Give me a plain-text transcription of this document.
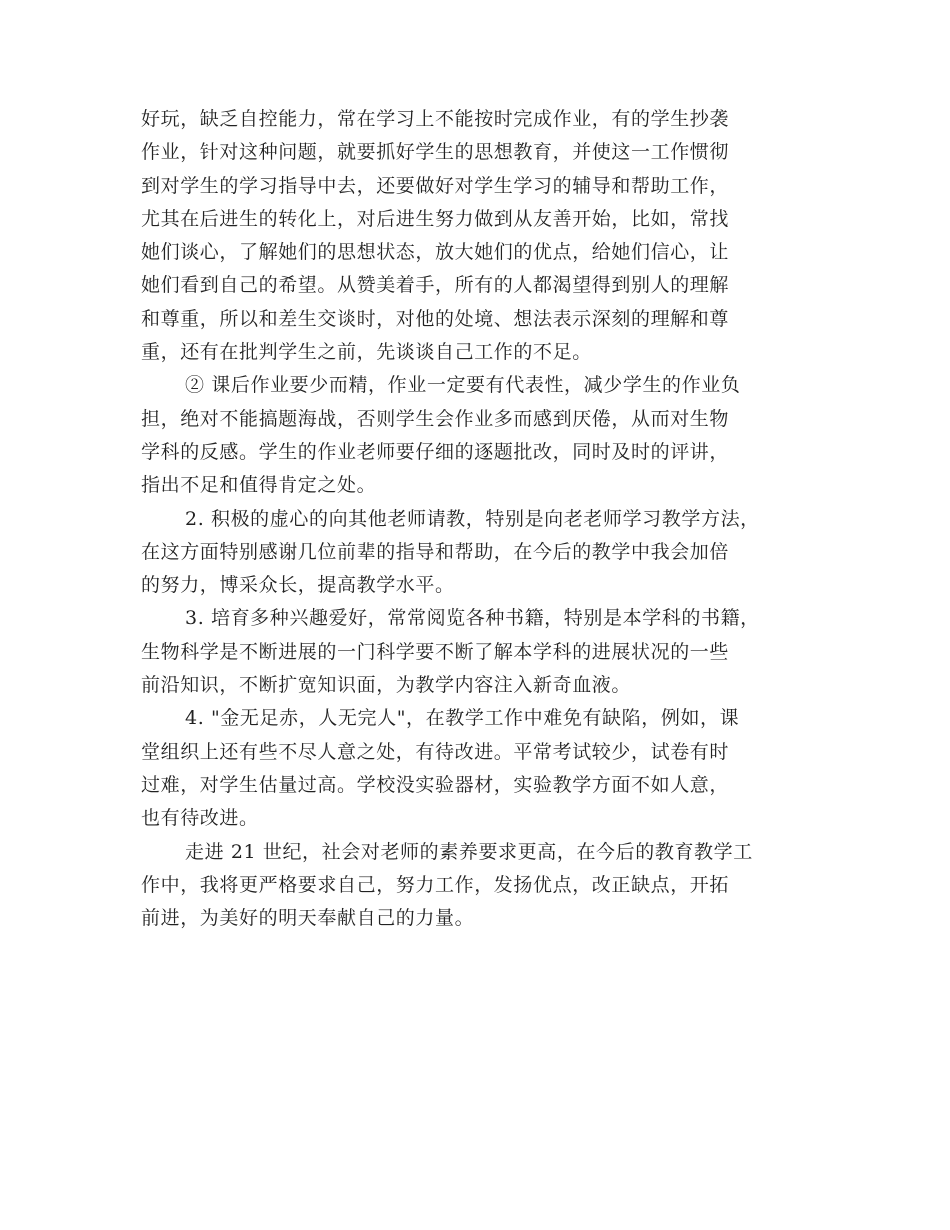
好玩，缺乏自控能力，常在学习上不能按时完成作业，有的学生抄袭
作业，针对这种问题，就要抓好学生的思想教育，并使这一工作惯彻
到对学生的学习指导中去，还要做好对学生学习的辅导和帮助工作，
尤其在后进生的转化上，对后进生努力做到从友善开始，比如，常找
她们谈心，了解她们的思想状态，放大她们的优点，给她们信心，让
她们看到自己的希望。从赞美着手，所有的人都渴望得到别人的理解
和尊重，所以和差生交谈时，对他的处境、想法表示深刻的理解和尊
重，还有在批判学生之前，先谈谈自己工作的不足。
② 课后作业要少而精，作业一定要有代表性，减少学生的作业负
担，绝对不能搞题海战，否则学生会作业多而感到厌倦，从而对生物
学科的反感。学生的作业老师要仔细的逐题批改，同时及时的评讲，
指出不足和值得肯定之处。
2. 积极的虚心的向其他老师请教，特别是向老老师学习教学方法，
在这方面特别感谢几位前辈的指导和帮助，在今后的教学中我会加倍
的努力，博采众长，提高教学水平。
3. 培育多种兴趣爱好，常常阅览各种书籍，特别是本学科的书籍，
生物科学是不断进展的一门科学要不断了解本学科的进展状况的一些
前沿知识，不断扩宽知识面，为教学内容注入新奇血液。
4. "金无足赤，人无完人"，在教学工作中难免有缺陷，例如，课
堂组织上还有些不尽人意之处，有待改进。平常考试较少，试卷有时
过难，对学生估量过高。学校没实验器材，实验教学方面不如人意，
也有待改进。
走进 21 世纪，社会对老师的素养要求更高，在今后的教育教学工
作中，我将更严格要求自己，努力工作，发扬优点，改正缺点，开拓
前进，为美好的明天奉献自己的力量。
